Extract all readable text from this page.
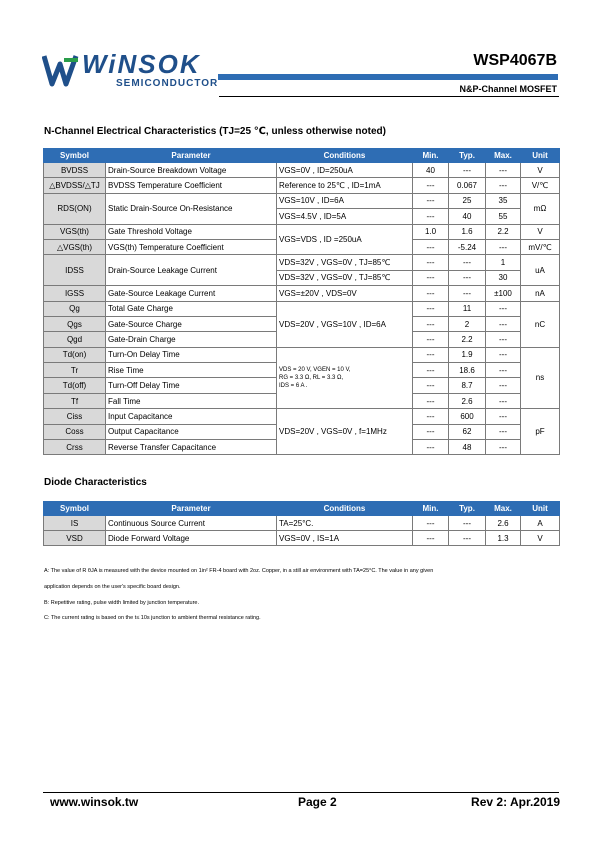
WiNSOK
SEMICONDUCTOR
WSP4067B
N&P-Channel MOSFET
N-Channel Electrical Characteristics (TJ=25 ℃, unless otherwise noted)
Symbol	Parameter	Conditions	Min.	Typ.	Max.	Unit
BVDSS	Drain-Source Breakdown Voltage	VGS=0V , ID=250uA	40	---	---	V
△BVDSS/△TJ	BVDSS Temperature Coefficient	Reference to 25℃ , ID=1mA	---	0.067	---	V/℃
RDS(ON)	Static Drain-Source On-Resistance	VGS=10V , ID=6A	---	25	35	mΩ
		VGS=4.5V , ID=5A	---	40	55	
VGS(th)	Gate Threshold Voltage	VGS=VDS , ID =250uA	1.0	1.6	2.2	V
△VGS(th)	VGS(th) Temperature Coefficient		---	-5.24	---	mV/℃
IDSS	Drain-Source Leakage Current	VDS=32V , VGS=0V , TJ=85℃	---	---	1	uA
		VDS=32V , VGS=0V , TJ=85℃	---	---	30	
IGSS	Gate-Source Leakage Current	VGS=±20V , VDS=0V	---	---	±100	nA
Qg	Total Gate Charge	VDS=20V , VGS=10V , ID=6A	---	11	---	nC
Qgs	Gate-Source Charge		---	2	---	
Qgd	Gate-Drain Charge		---	2.2	---	
Td(on)	Turn-On Delay Time	VDS = 20 V, VGEN = 10 V,
RG = 3.3 Ω, RL = 3.3 Ω,
IDS = 6 A .	---	1.9	---	ns
Tr	Rise Time		---	18.6	---	
Td(off)	Turn-Off Delay Time		---	8.7	---	
Tf	Fall Time		---	2.6	---	
Ciss	Input Capacitance	VDS=20V , VGS=0V , f=1MHz	---	600	---	pF
Coss	Output Capacitance		---	62	---	
Crss	Reverse Transfer Capacitance		---	48	---	
Diode Characteristics
Symbol	Parameter	Conditions	Min.	Typ.	Max.	Unit
IS	Continuous Source Current	TA=25°C.	---	---	2.6	A
VSD	Diode Forward Voltage	VGS=0V , IS=1A	---	---	1.3	V
A: The value of R θJA is measured with the device mounted on 1in² FR-4 board with 2oz. Copper, in a still air environment with TA=25°C. The value in any given
application depends on the user's specific board design.
B: Repetitive rating, pulse width limited by junction temperature.
C: The current rating is based on the t≤ 10s junction to ambient thermal resistance rating.
www.winsok.tw	Page 2	Rev 2: Apr.2019
